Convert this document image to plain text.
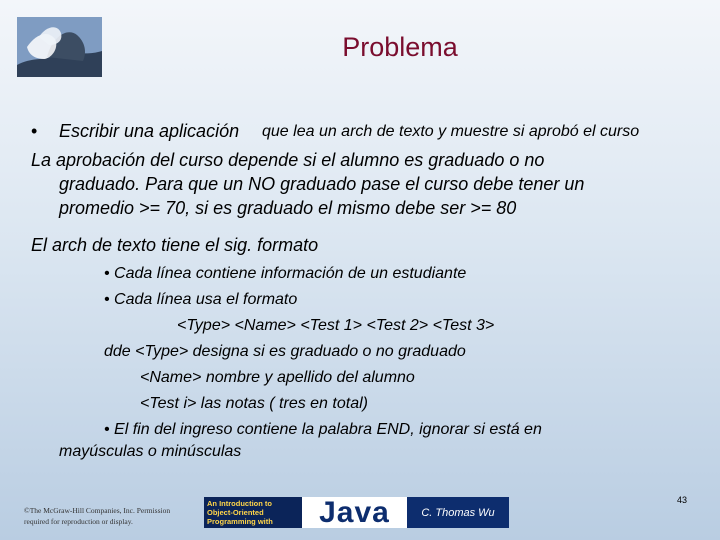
Problema
• Escribir una aplicación que lea un arch de texto y muestre si aprobó el curso
La aprobación del curso depende si el alumno es graduado o no
graduado. Para que un NO graduado pase el curso debe tener un
promedio >= 70, si es graduado el mismo debe ser >= 80
El arch de texto tiene el sig. formato
• Cada línea contiene información de un estudiante
• Cada línea usa el formato
<Type> <Name> <Test 1> <Test 2> <Test 3>
dde <Type> designa si es graduado o no graduado
<Name> nombre y apellido del alumno
<Test i> las notas ( tres en total)
• El fin del ingreso contiene la palabra END, ignorar si está en
mayúsculas o minúsculas
©The McGraw-Hill Companies, Inc. Permission
required for reproduction or display.
An Introduction to
Object-Oriented
Programming with	Java	C. Thomas Wu
43
